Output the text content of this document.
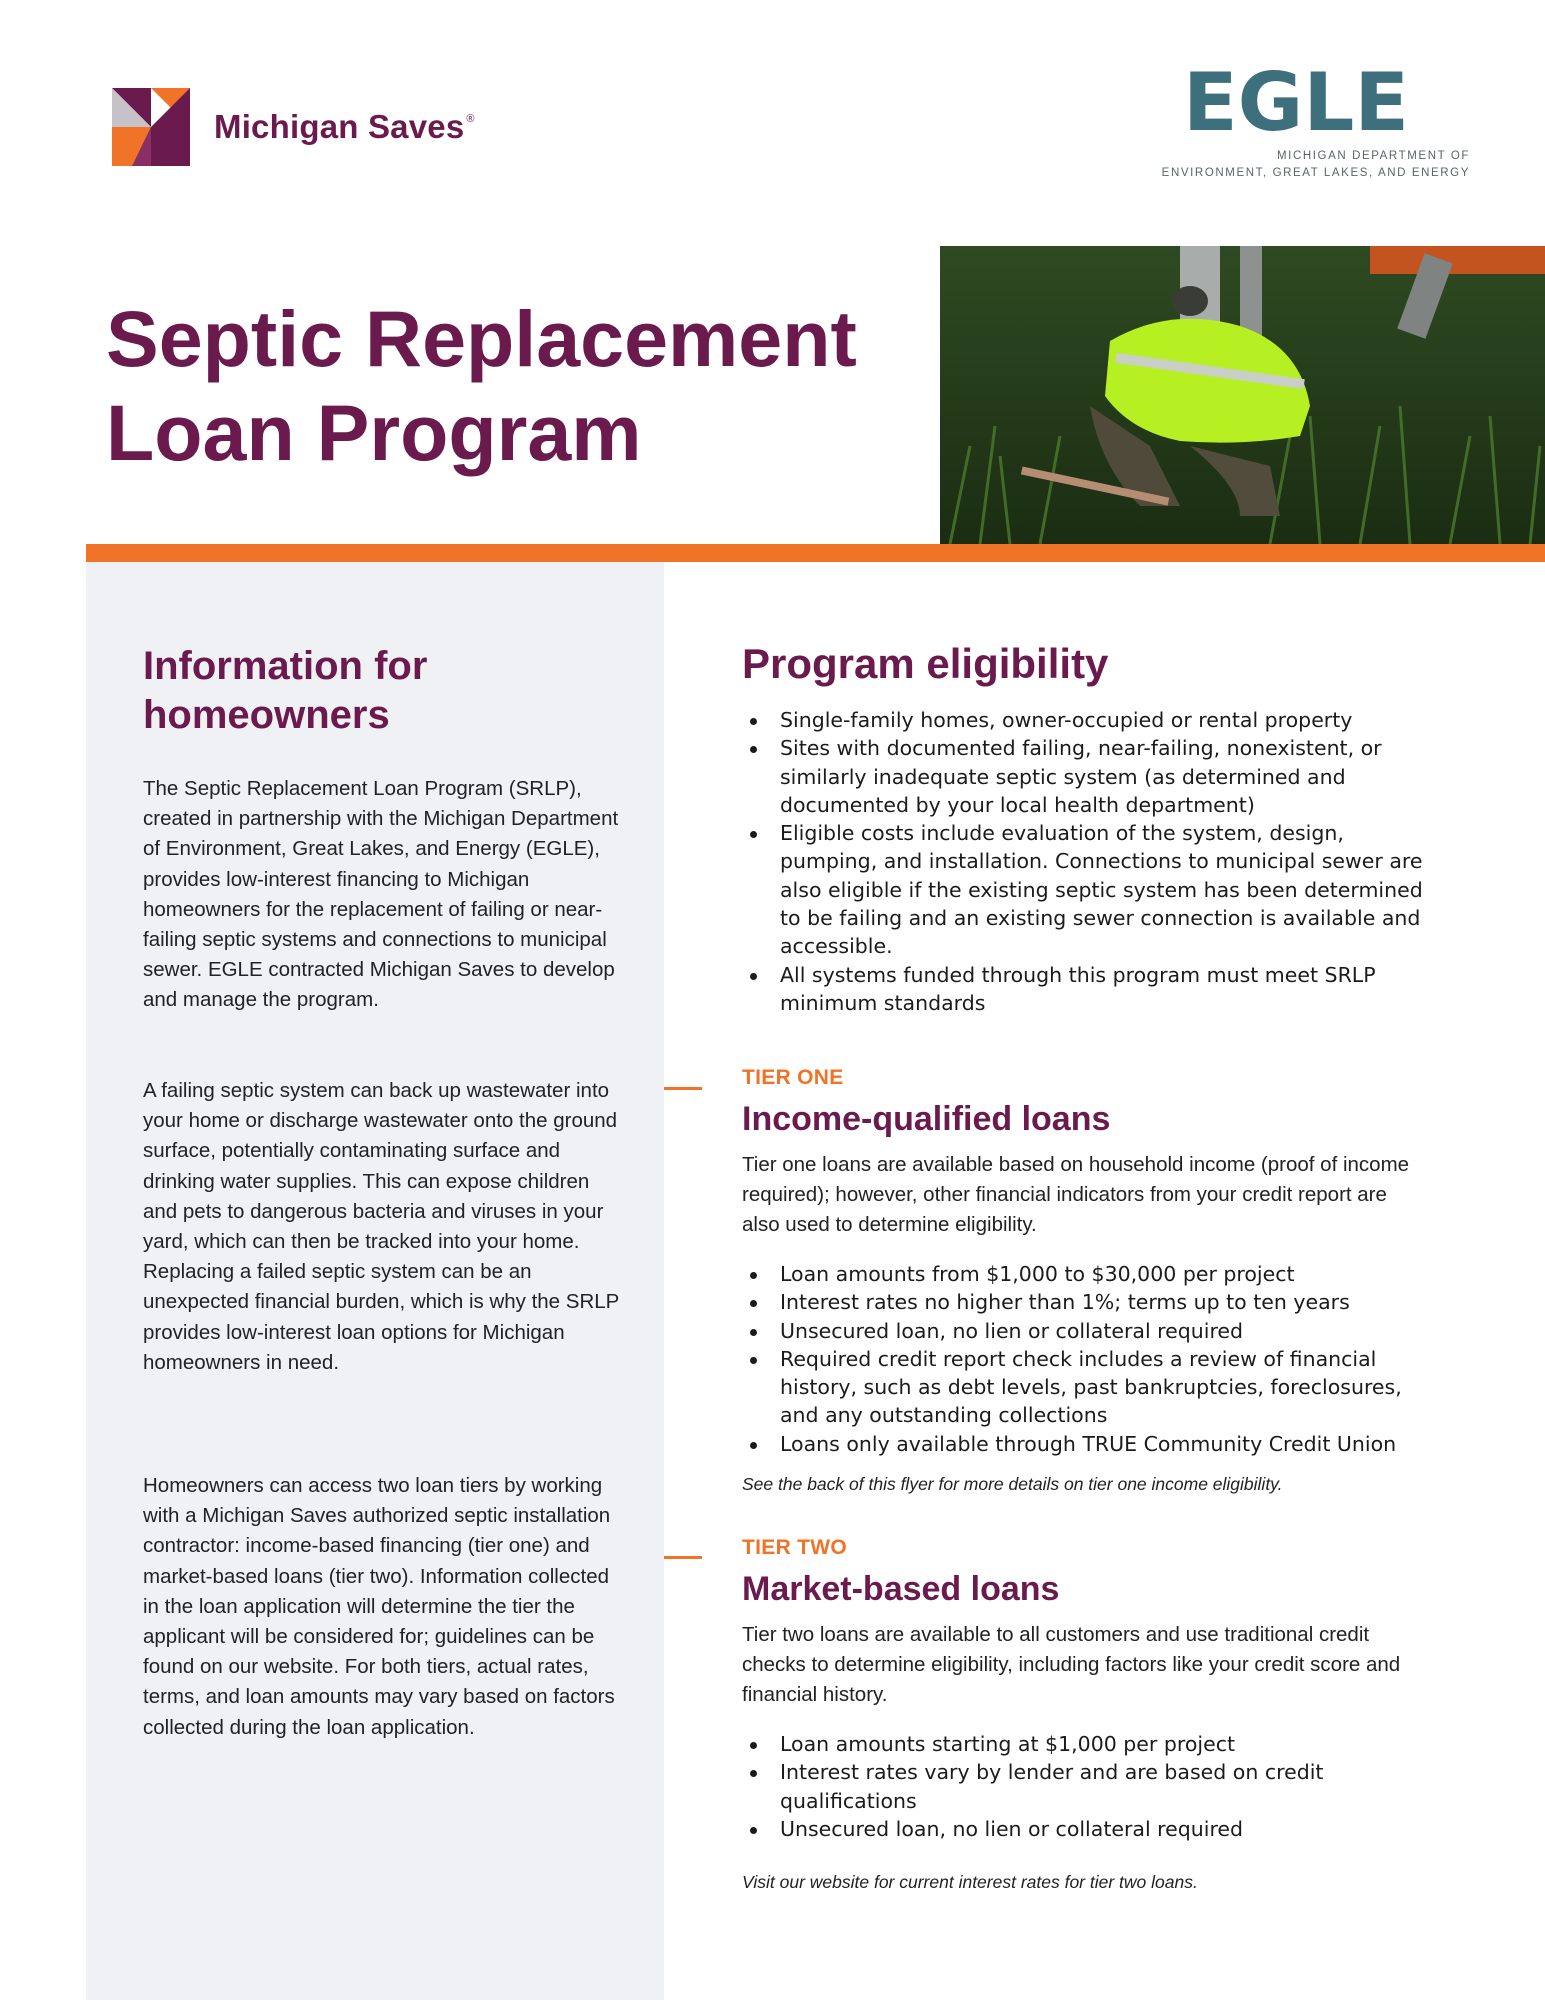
Michigan Saves ®	EGLE
MICHIGAN DEPARTMENT OF
ENVIRONMENT, GREAT LAKES, AND ENERGY
Septic Replacement
Loan Program
Information for
homeowners
The Septic Replacement Loan Program (SRLP), created in partnership with the Michigan Department of Environment, Great Lakes, and Energy (EGLE), provides low-interest financing to Michigan homeowners for the replacement of failing or near-failing septic systems and connections to municipal sewer. EGLE contracted Michigan Saves to develop and manage the program.
A failing septic system can back up wastewater into your home or discharge wastewater onto the ground surface, potentially contaminating surface and drinking water supplies. This can expose children and pets to dangerous bacteria and viruses in your yard, which can then be tracked into your home. Replacing a failed septic system can be an unexpected financial burden, which is why the SRLP provides low-interest loan options for Michigan homeowners in need.
Homeowners can access two loan tiers by working with a Michigan Saves authorized septic installation contractor: income-based financing (tier one) and market-based loans (tier two). Information collected in the loan application will determine the tier the applicant will be considered for; guidelines can be found on our website. For both tiers, actual rates, terms, and loan amounts may vary based on factors collected during the loan application.
Program eligibility
Single-family homes, owner-occupied or rental property
Sites with documented failing, near-failing, nonexistent, or similarly inadequate septic system (as determined and documented by your local health department)
Eligible costs include evaluation of the system, design, pumping, and installation. Connections to municipal sewer are also eligible if the existing septic system has been determined to be failing and an existing sewer connection is available and accessible.
All systems funded through this program must meet SRLP minimum standards
TIER ONE
Income-qualified loans
Tier one loans are available based on household income (proof of income required); however, other financial indicators from your credit report are also used to determine eligibility.
Loan amounts from $1,000 to $30,000 per project
Interest rates no higher than 1%; terms up to ten years
Unsecured loan, no lien or collateral required
Required credit report check includes a review of financial history, such as debt levels, past bankruptcies, foreclosures, and any outstanding collections
Loans only available through TRUE Community Credit Union
See the back of this flyer for more details on tier one income eligibility.
TIER TWO
Market-based loans
Tier two loans are available to all customers and use traditional credit checks to determine eligibility, including factors like your credit score and financial history.
Loan amounts starting at $1,000 per project
Interest rates vary by lender and are based on credit qualifications
Unsecured loan, no lien or collateral required
Visit our website for current interest rates for tier two loans.
